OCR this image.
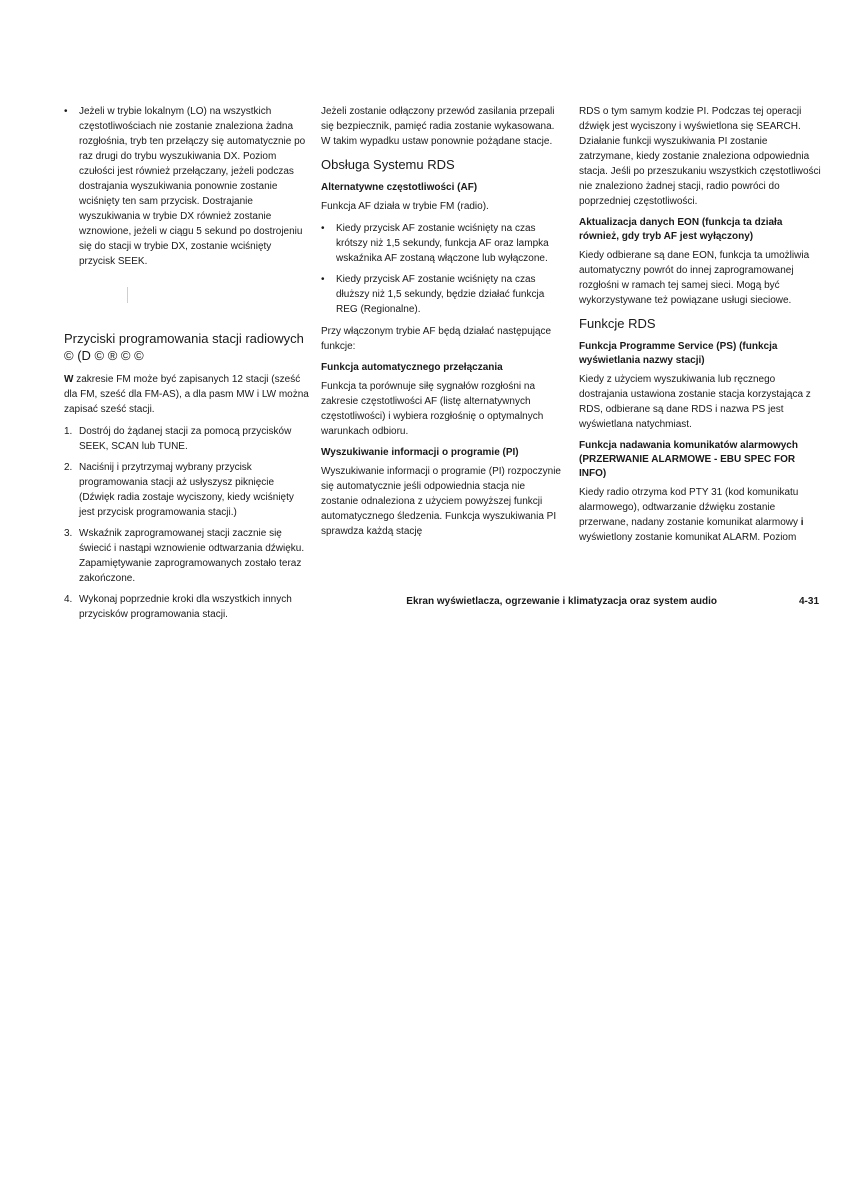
• Jeżeli w trybie lokalnym (LO) na wszystkich częstotliwościach nie zostanie znaleziona żadna rozgłośnia, tryb ten przełączy się automatycznie po raz drugi do trybu wyszukiwania DX. Poziom czułości jest również przełączany, jeżeli podczas dostrajania wyszukiwania ponownie zostanie wciśnięty ten sam przycisk. Dostrajanie wyszukiwania w trybie DX również zostanie wznowione, jeżeli w ciągu 5 sekund po dostrojeniu się do stacji w trybie DX, zostanie wciśnięty przycisk SEEK.
Przyciski programowania stacji radiowych © (D © ® © ©

W zakresie FM może być zapisanych 12 stacji (sześć dla FM, sześć dla FM-AS), a dla pasm MW i LW można zapisać sześć stacji.

1. Dostrój do żądanej stacji za pomocą przycisków SEEK, SCAN lub TUNE.
2. Naciśnij i przytrzymaj wybrany przycisk programowania stacji aż usłyszysz piknięcie (Dźwięk radia zostaje wyciszony, kiedy wciśnięty jest przycisk programowania stacji.)
3. Wskaźnik zaprogramowanej stacji zacznie się świecić i nastąpi wznowienie odtwarzania dźwięku. Zapamiętywanie zaprogramowanych zostało teraz zakończone.
4. Wykonaj poprzednie kroki dla wszystkich innych przycisków programowania stacji.

Jeżeli zostanie odłączony przewód zasilania przepali się bezpiecznik, pamięć radia zostanie wykasowana. W takim wypadku ustaw ponownie pożądane stacje.

Obsługa Systemu RDS
Alternatywne częstotliwości (AF)

Funkcja AF działa w trybie FM (radio).

• Kiedy przycisk AF zostanie wciśnięty na czas krótszy niż 1,5 sekundy, funkcja AF oraz lampka wskaźnika AF zostaną włączone lub wyłączone.
• Kiedy przycisk AF zostanie wciśnięty na czas dłuższy niż 1,5 sekundy, będzie działać funkcja REG (Regionalne).

Przy włączonym trybie AF będą działać następujące funkcje:

Funkcja automatycznego przełączania

Funkcja ta porównuje siłę sygnałów rozgłośni na zakresie częstotliwości AF (listę alternatywnych częstotliwości) i wybiera rozgłośnię o optymalnych warunkach odbioru.

Wyszukiwanie informacji o programie (PI)

Wyszukiwanie informacji o programie (PI) rozpoczynie się automatycznie jeśli odpowiednia stacja nie zostanie odnaleziona z użyciem powyższej funkcji automatycznego śledzenia. Funkcja wyszukiwania PI sprawdza każdą stację

RDS o tym samym kodzie PI. Podczas tej operacji dźwięk jest wyciszony i wyświetlona się SEARCH. Działanie funkcji wyszukiwania PI zostanie zatrzymane, kiedy zostanie znaleziona odpowiednia stacja. Jeśli po przeszukaniu wszystkich częstotliwości nie znaleziono żadnej stacji, radio powróci do poprzedniej częstotliwości.

Aktualizacja danych EON (funkcja ta działa również, gdy tryb AF jest wyłączony)

Kiedy odbierane są dane EON, funkcja ta umożliwia automatyczny powrót do innej zaprogramowanej rozgłośni w ramach tej samej sieci. Mogą być wykorzystywane też powiązane usługi sieciowe.

Funkcje RDS
Funkcja Programme Service (PS) (funkcja wyświetlania nazwy stacji)

Kiedy z użyciem wyszukiwania lub ręcznego dostrajania ustawiona zostanie stacja korzystająca z RDS, odbierane są dane RDS i nazwa PS jest wyświetlana natychmiast.

Funkcja nadawania komunikatów alarmowych (PRZERWANIE ALARMOWE - EBU SPEC FOR INFO)

Kiedy radio otrzyma kod PTY 31 (kod komunikatu alarmowego), odtwarzanie dźwięku zostanie przerwane, nadany zostanie komunikat alarmowy i wyświetlony zostanie komunikat ALARM. Poziom

Ekran wyświetlacza, ogrzewanie i klimatyzacja oraz system audio	4-31
